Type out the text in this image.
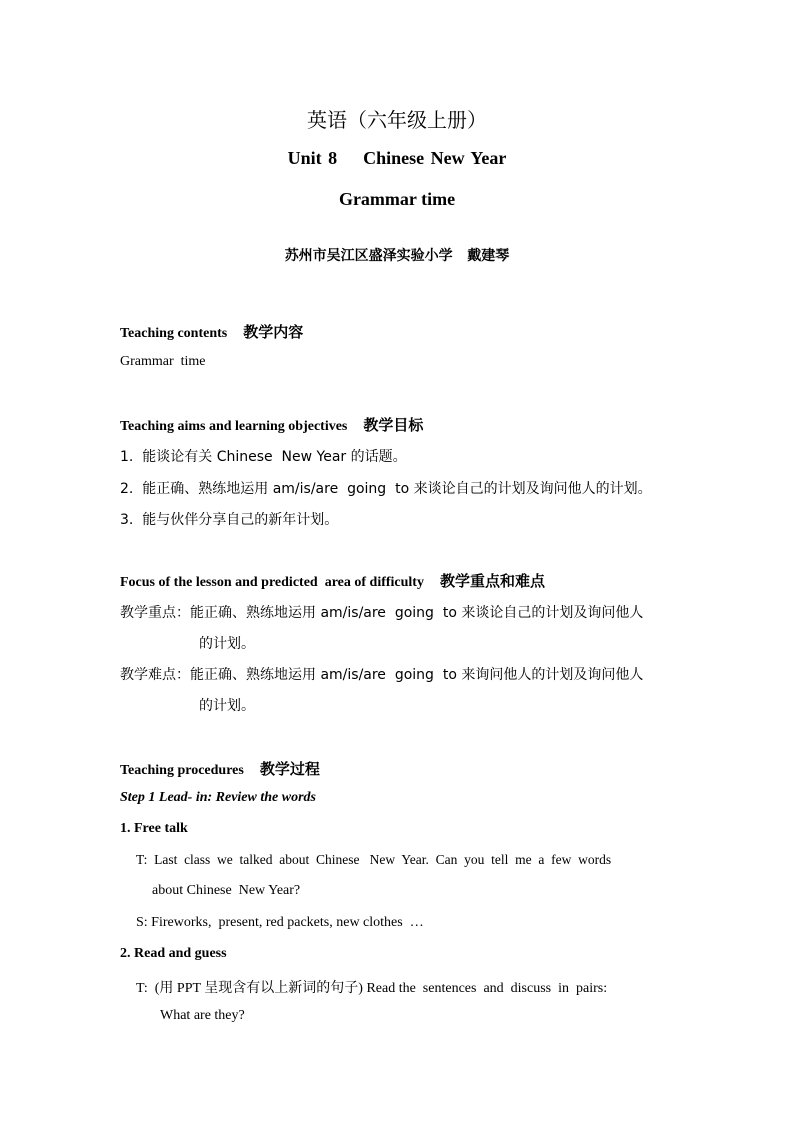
英语（六年级上册）
Unit 8    Chinese New Year
Grammar time
苏州市吴江区盛泽实验小学   戴建琴
Teaching contents 教学内容
Grammar  time
Teaching aims and learning objectives 教学目标
1.  能谈论有关 Chinese  New Year 的话题。
2.  能正确、熟练地运用 am/is/are  going  to 来谈论自己的计划及询问他人的计划。
3.  能与伙伴分享自己的新年计划。
Focus of the lesson and predicted  area of difficulty 教学重点和难点
教学重点：能正确、熟练地运用 am/is/are  going  to 来谈论自己的计划及询问他人
的计划。
教学难点：能正确、熟练地运用 am/is/are  going  to 来询问他人的计划及询问他人
的计划。
Teaching procedures 教学过程
Step 1 Lead- in: Review the words
1. Free talk
T:  Last  class  we  talked  about  Chinese   New  Year.  Can  you  tell  me  a  few  words
about Chinese  New Year?
S: Fireworks,  present, red packets, new clothes  …
2. Read and guess
T:  (用 PPT 呈现含有以上新词的句子) Read the  sentences  and  discuss  in  pairs:
What are they?
